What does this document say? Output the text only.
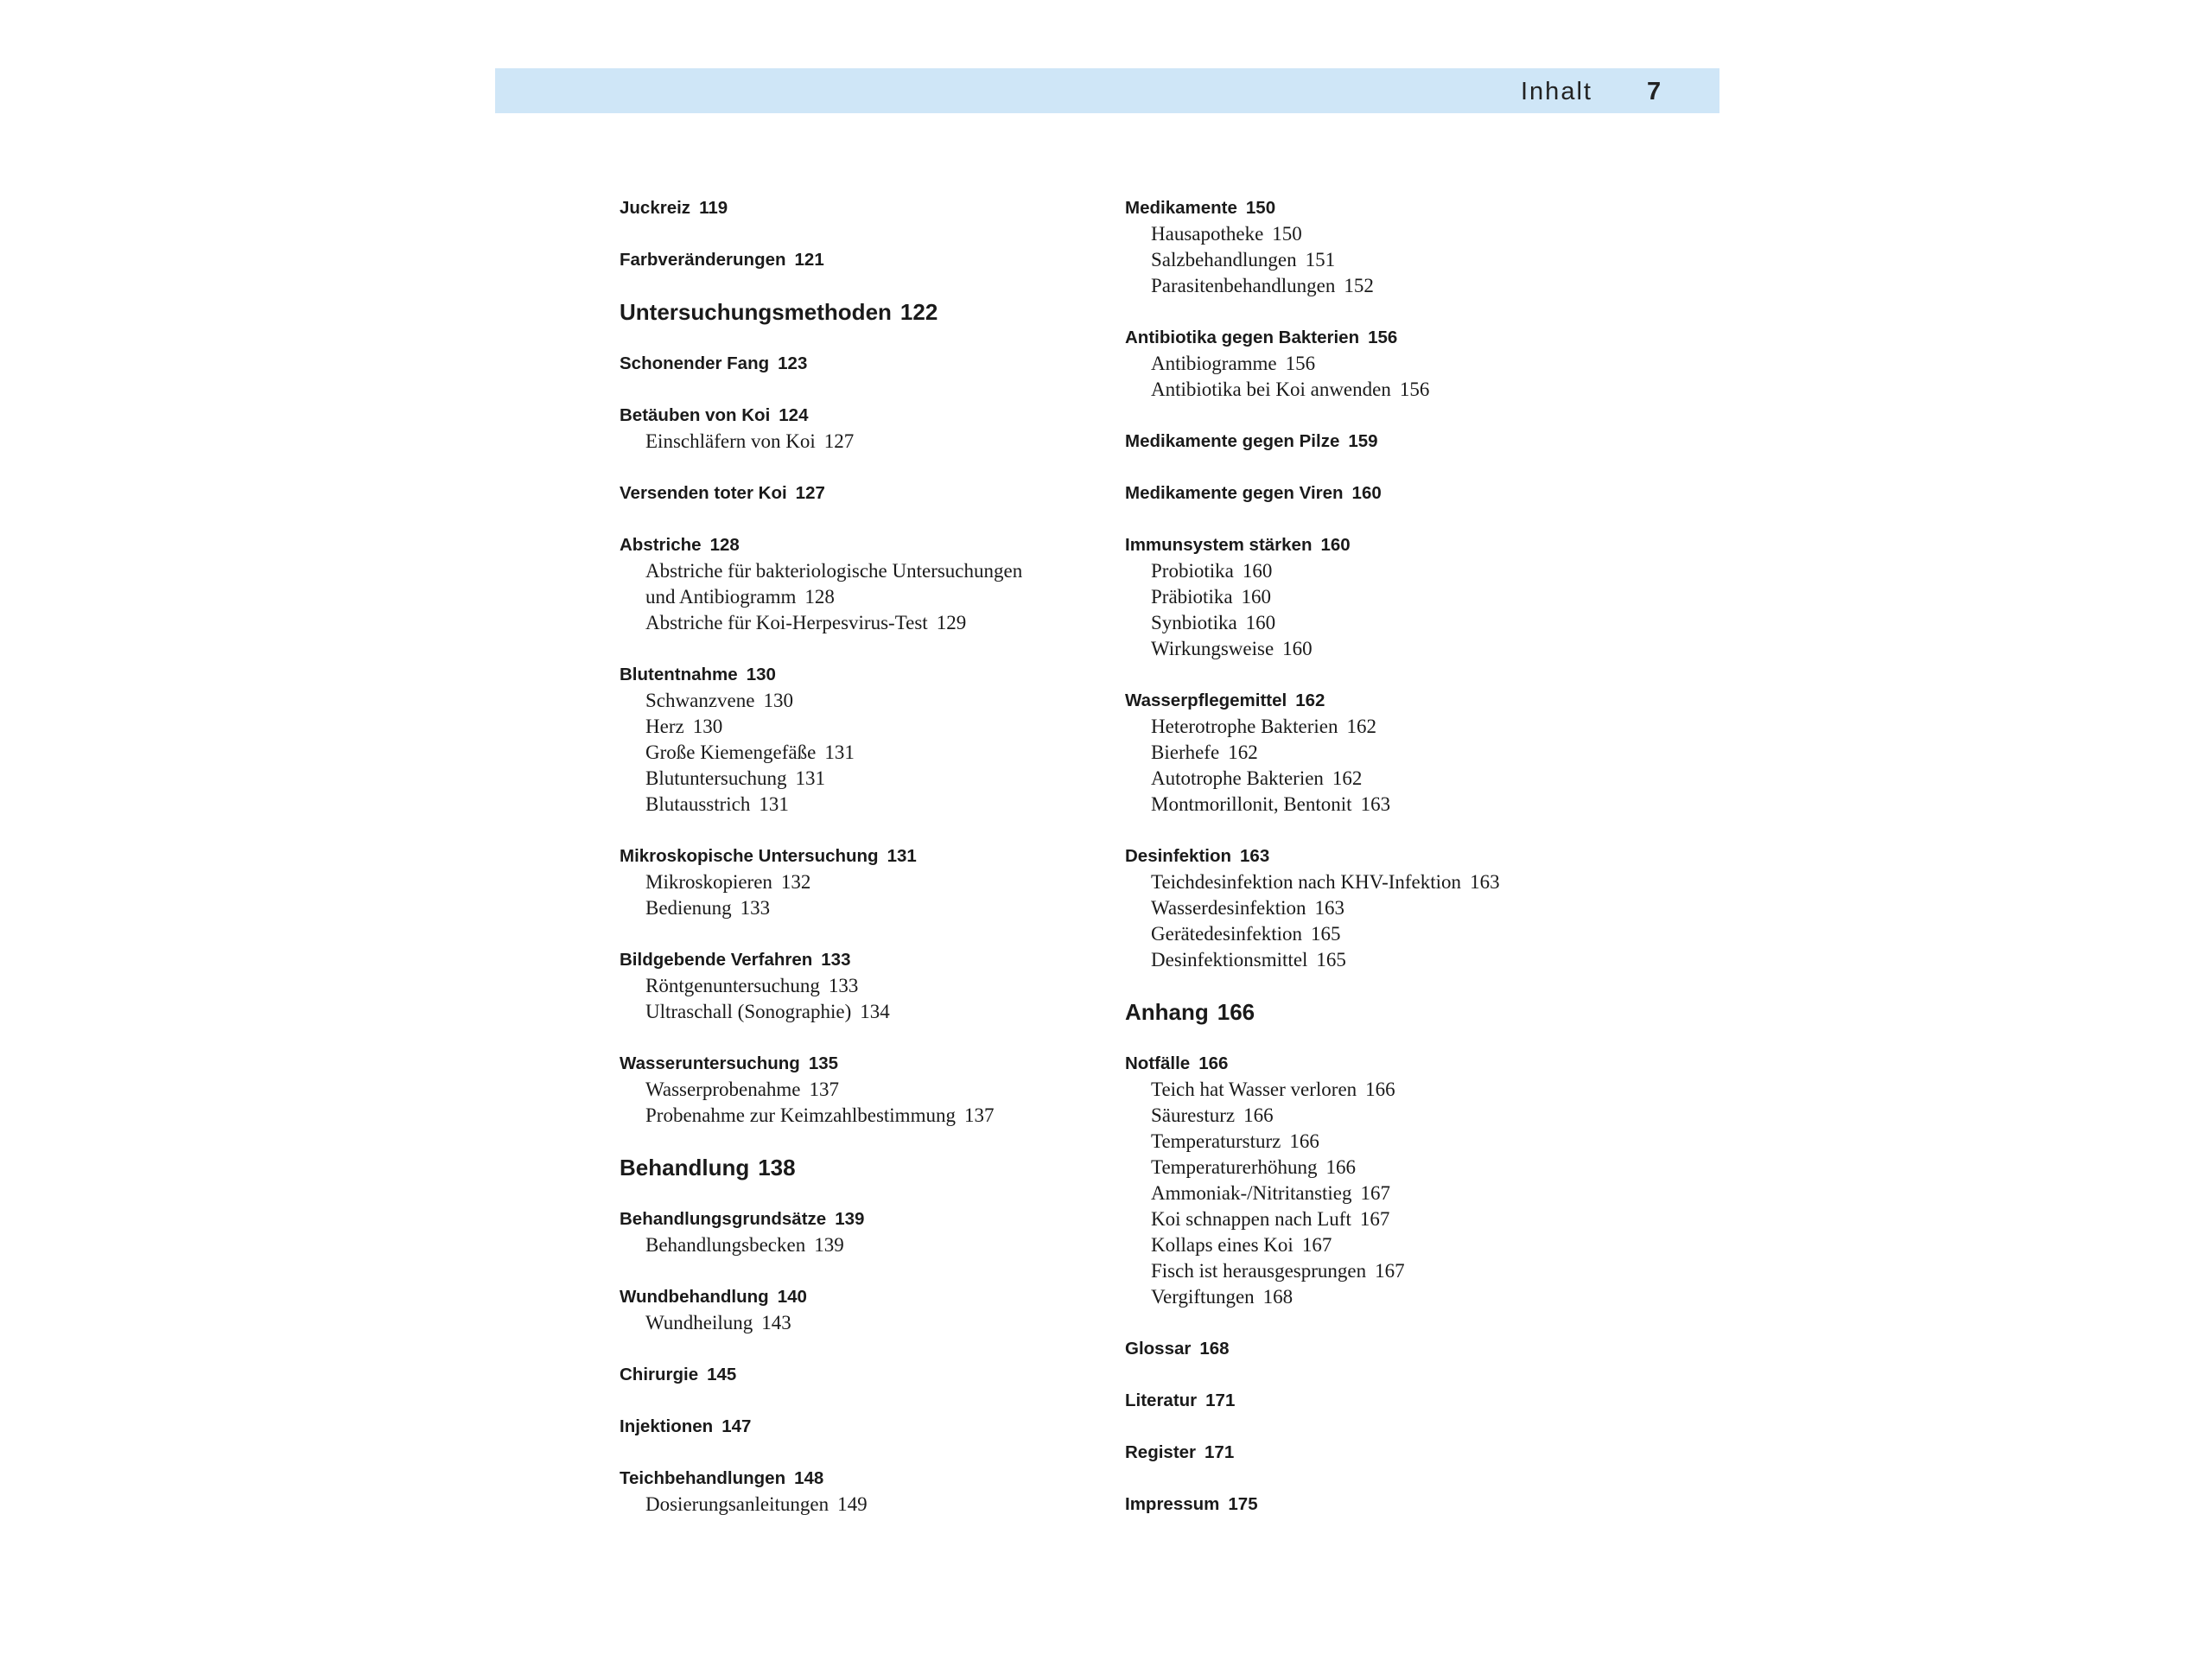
Inhalt 7
Juckreiz 119
Farbveränderungen 121
Untersuchungsmethoden 122
Schonender Fang 123
Betäuben von Koi 124
Einschläfern von Koi 127
Versenden toter Koi 127
Abstriche 128
Abstriche für bakteriologische Untersuchungen
und Antibiogramm 128
Abstriche für Koi-Herpesvirus-Test 129
Blutentnahme 130
Schwanzvene 130
Herz 130
Große Kiemengefäße 131
Blutuntersuchung 131
Blutausstrich 131
Mikroskopische Untersuchung 131
Mikroskopieren 132
Bedienung 133
Bildgebende Verfahren 133
Röntgenuntersuchung 133
Ultraschall (Sonographie) 134
Wasseruntersuchung 135
Wasserprobenahme 137
Probenahme zur Keimzahlbestimmung 137
Behandlung 138
Behandlungsgrundsätze 139
Behandlungsbecken 139
Wundbehandlung 140
Wundheilung 143
Chirurgie 145
Injektionen 147
Teichbehandlungen 148
Dosierungsanleitungen 149
Medikamente 150
Hausapotheke 150
Salzbehandlungen 151
Parasitenbehandlungen 152
Antibiotika gegen Bakterien 156
Antibiogramme 156
Antibiotika bei Koi anwenden 156
Medikamente gegen Pilze 159
Medikamente gegen Viren 160
Immunsystem stärken 160
Probiotika 160
Präbiotika 160
Synbiotika 160
Wirkungsweise 160
Wasserpflegemittel 162
Heterotrophe Bakterien 162
Bierhefe 162
Autotrophe Bakterien 162
Montmorillonit, Bentonit 163
Desinfektion 163
Teichdesinfektion nach KHV-Infektion 163
Wasserdesinfektion 163
Gerätedesinfektion 165
Desinfektionsmittel 165
Anhang 166
Notfälle 166
Teich hat Wasser verloren 166
Säuresturz 166
Temperatursturz 166
Temperaturerhöhung 166
Ammoniak-/Nitritanstieg 167
Koi schnappen nach Luft 167
Kollaps eines Koi 167
Fisch ist herausgesprungen 167
Vergiftungen 168
Glossar 168
Literatur 171
Register 171
Impressum 175
